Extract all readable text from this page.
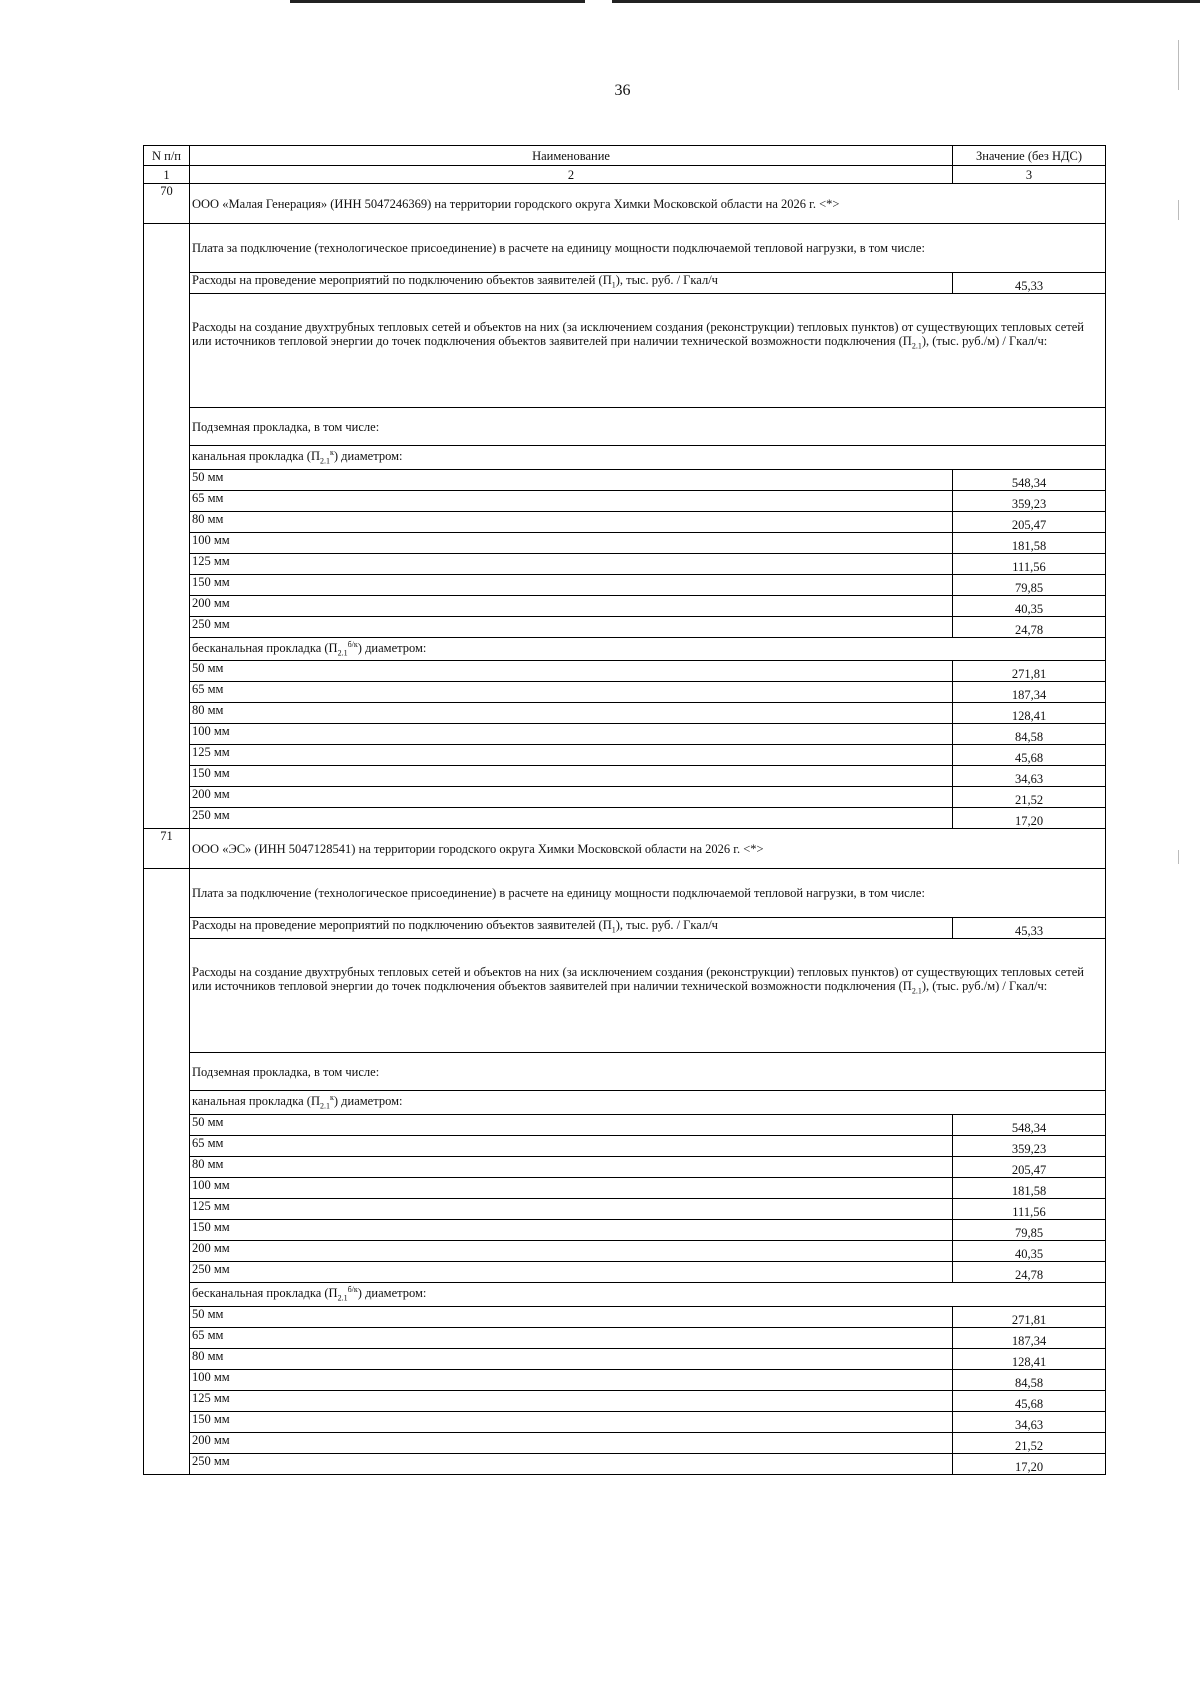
36
N п/п	Наименование	Значение (без НДС)
1	2	3
70	ООО «Малая Генерация» (ИНН 5047246369) на территории городского округа Химки Московской области на 2026 г. <*>	
	Плата за подключение (технологическое присоединение) в расчете на единицу мощности подключаемой тепловой нагрузки, в том числе:	
	Расходы на проведение мероприятий по подключению объектов заявителей $(П_1)$, тыс. руб. / Гкал/ч	45,33
	Расходы на создание двухтрубных тепловых сетей и объектов на них (за исключением создания (реконструкции) тепловых пунктов) от существующих тепловых сетей или источников тепловой энергии до точек подключения объектов заявителей при наличии технической возможности подключения $(П_{2.1})$, (тыс. руб./м) / Гкал/ч:	
	Подземная прокладка, в том числе:	
	канальная прокладка $(П_{2.1}^к)$ диаметром:	
	50 мм	548,34
	65 мм	359,23
	80 мм	205,47
	100 мм	181,58
	125 мм	111,56
	150 мм	79,85
	200 мм	40,35
	250 мм	24,78
	бесканальная прокладка $(П_{2.1}^{б/к})$ диаметром:	
	50 мм	271,81
	65 мм	187,34
	80 мм	128,41
	100 мм	84,58
	125 мм	45,68
	150 мм	34,63
	200 мм	21,52
	250 мм	17,20
71	ООО «ЭС» (ИНН 5047128541) на территории городского округа Химки Московской области на 2026 г. <*>	
	Плата за подключение (технологическое присоединение) в расчете на единицу мощности подключаемой тепловой нагрузки, в том числе:	
	Расходы на проведение мероприятий по подключению объектов заявителей $(П_1)$, тыс. руб. / Гкал/ч	45,33
	Расходы на создание двухтрубных тепловых сетей и объектов на них (за исключением создания (реконструкции) тепловых пунктов) от существующих тепловых сетей или источников тепловой энергии до точек подключения объектов заявителей при наличии технической возможности подключения $(П_{2.1})$, (тыс. руб./м) / Гкал/ч:	
	Подземная прокладка, в том числе:	
	канальная прокладка $(П_{2.1}^к)$ диаметром:	
	50 мм	548,34
	65 мм	359,23
	80 мм	205,47
	100 мм	181,58
	125 мм	111,56
	150 мм	79,85
	200 мм	40,35
	250 мм	24,78
	бесканальная прокладка $(П_{2.1}^{б/к})$ диаметром:	
	50 мм	271,81
	65 мм	187,34
	80 мм	128,41
	100 мм	84,58
	125 мм	45,68
	150 мм	34,63
	200 мм	21,52
	250 мм	17,20
